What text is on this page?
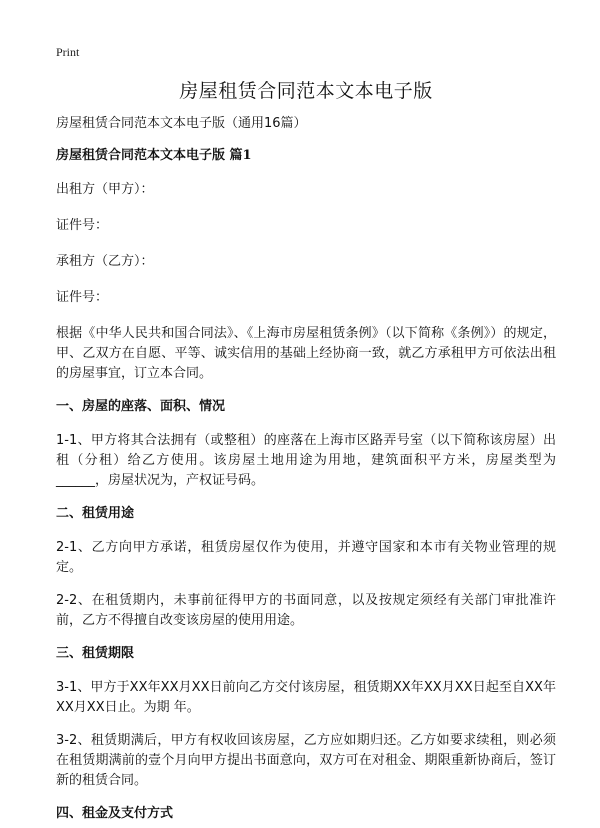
Print
房屋租赁合同范本文本电子版
房屋租赁合同范本文本电子版（通用16篇）
房屋租赁合同范本文本电子版 篇1
出租方（甲方）：
证件号：
承租方（乙方）：
证件号：
根据《中华人民共和国合同法》、《上海市房屋租赁条例》（以下简称《条例》）的规定，甲、乙双方在自愿、平等、诚实信用的基础上经协商一致，就乙方承租甲方可依法出租的房屋事宜，订立本合同。
一、房屋的座落、面积、情况
1-1、甲方将其合法拥有（或整租）的座落在上海市区路弄号室（以下简称该房屋）出租（分租）给乙方使用。该房屋土地用途为用地，建筑面积平方米，房屋类型为______，房屋状况为，产权证号码。
二、租赁用途
2-1、乙方向甲方承诺，租赁房屋仅作为使用，并遵守国家和本市有关物业管理的规定。
2-2、在租赁期内，未事前征得甲方的书面同意，以及按规定须经有关部门审批准许前，乙方不得擅自改变该房屋的使用用途。
三、租赁期限
3-1、甲方于XX年XX月XX日前向乙方交付该房屋，租赁期XX年XX月XX日起至自XX年XX月XX日止。为期 年。
3-2、租赁期满后，甲方有权收回该房屋，乙方应如期归还。乙方如要求续租，则必须在租赁期满前的壹个月向甲方提出书面意向，双方可在对租金、期限重新协商后，签订新的租赁合同。
四、租金及支付方式
